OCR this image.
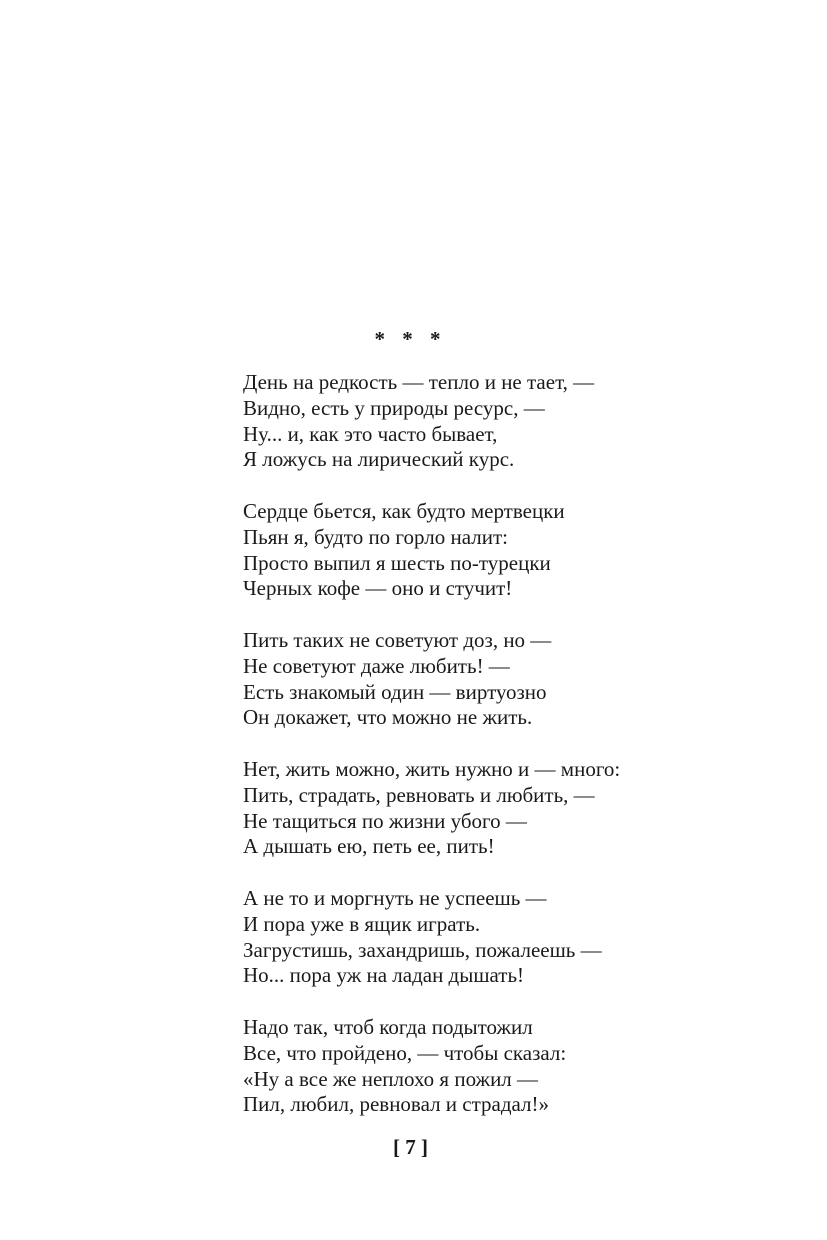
* * *
День на редкость — тепло и не тает, —
Видно, есть у природы ресурс, —
Ну... и, как это часто бывает,
Я ложусь на лирический курс.
Сердце бьется, как будто мертвецки
Пьян я, будто по горло налит:
Просто выпил я шесть по-турецки
Черных кофе — оно и стучит!
Пить таких не советуют доз, но —
Не советуют даже любить! —
Есть знакомый один — виртуозно
Он докажет, что можно не жить.
Нет, жить можно, жить нужно и — много:
Пить, страдать, ревновать и любить, —
Не тащиться по жизни убого —
А дышать ею, петь ее, пить!
А не то и моргнуть не успеешь —
И пора уже в ящик играть.
Загрустишь, захандришь, пожалеешь —
Но... пора уж на ладан дышать!
Надо так, чтоб когда подытожил
Все, что пройдено, — чтобы сказал:
«Ну а все же неплохо я пожил —
Пил, любил, ревновал и страдал!»
[ 7 ]
